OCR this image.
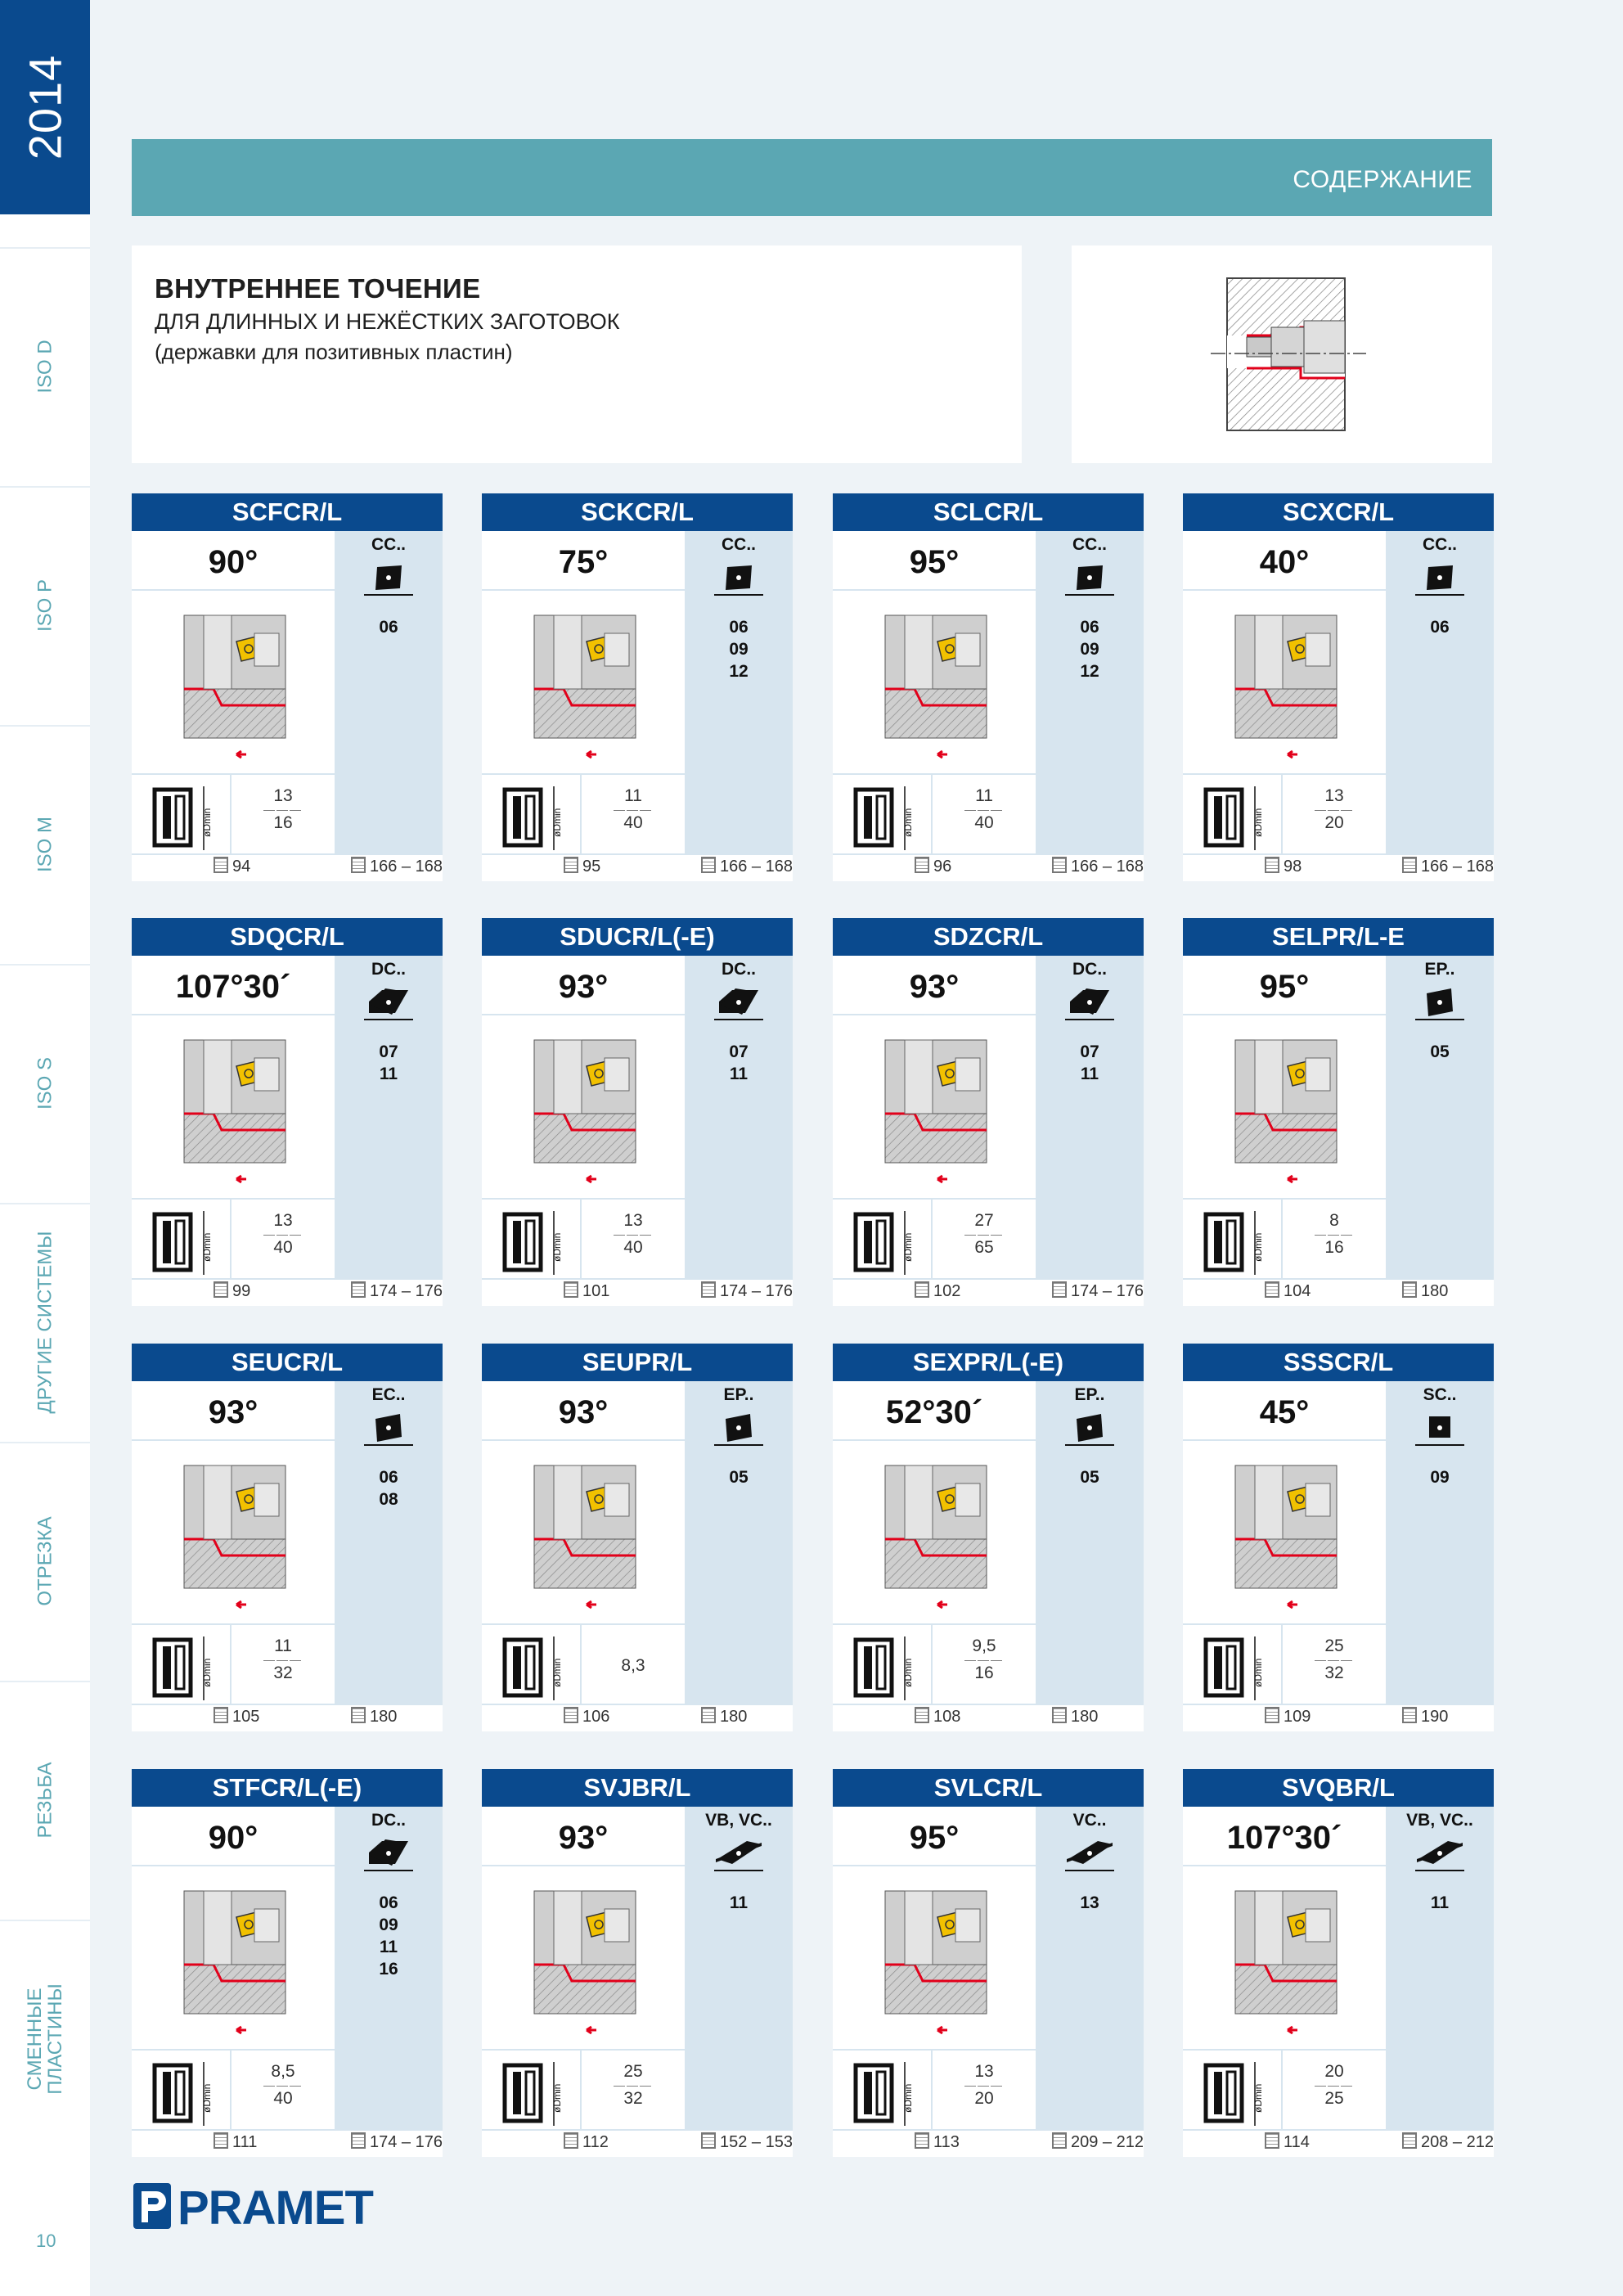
2014
ISO D
ISO P
ISO M
ISO S
ДРУГИЕ СИСТЕМЫ
ОТРЕЗКА
РЕЗЬБА
СМЕННЫЕ
ПЛАСТИНЫ
10
СОДЕРЖАНИЕ
ВНУТРЕННЕЕ ТОЧЕНИЕ
ДЛЯ ДЛИННЫХ И НЕЖЁСТКИХ ЗАГОТОВОК
(державки для позитивных пластин)
SCFCR/L
90°	CC..
06
øDmin
13
———
16
94	166 – 168
SCKCR/L
75°	CC..
06
09
12
øDmin
11
———
40
95	166 – 168
SCLCR/L
95°	CC..
06
09
12
øDmin
11
———
40
96	166 – 168
SCXCR/L
40°	CC..
06
øDmin
13
———
20
98	166 – 168
SDQCR/L
107°30´	DC..
07
11
øDmin
13
———
40
99	174 – 176
SDUCR/L(-E)
93°	DC..
07
11
øDmin
13
———
40
101	174 – 176
SDZCR/L
93°	DC..
07
11
øDmin
27
———
65
102	174 – 176
SELPR/L-E
95°	EP..
05
øDmin
8
———
16
104	180
SEUCR/L
93°	EC..
06
08
øDmin
11
———
32
105	180
SEUPR/L
93°	EP..
05
øDmin	8,3
106	180
SEXPR/L(-E)
52°30´	EP..
05
øDmin
9,5
———
16
108	180
SSSCR/L
45°	SC..
09
øDmin
25
———
32
109	190
STFCR/L(-E)
90°	DC..
06
09
11
16
øDmin
8,5
———
40
111	174 – 176
SVJBR/L
93°	VB, VC..
11
øDmin
25
———
32
112	152 – 153
SVLCR/L
95°	VC..
13
øDmin
13
———
20
113	209 – 212
SVQBR/L
107°30´	VB, VC..
11
øDmin
20
———
25
114	208 – 212
PRAMET
